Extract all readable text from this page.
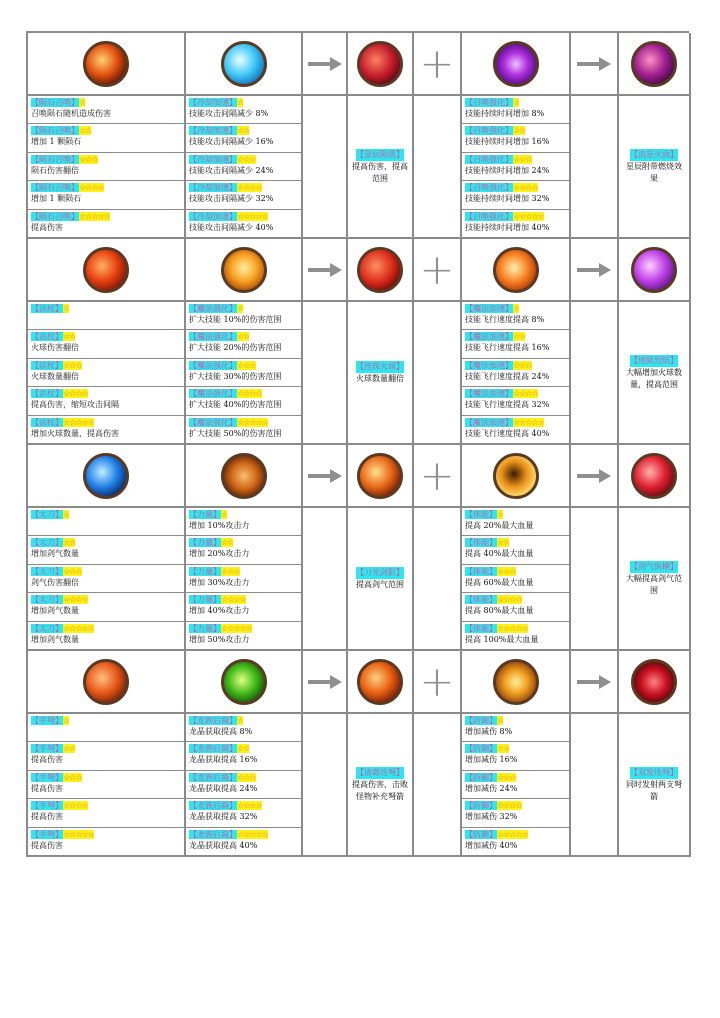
+
【陨石召唤】☆
召唤陨石随机造成伤害
【陨石召唤】☆☆
增加 1 颗陨石
【陨石召唤】☆☆☆
陨石伤害翻倍
【陨石召唤】☆☆☆☆
增加 1 颗陨石
【陨石召唤】☆☆☆☆☆
提高伤害
【冷却加速】☆
技能攻击间隔减少 8%
【冷却加速】☆☆
技能攻击间隔减少 16%
【冷却加速】☆☆☆
技能攻击间隔减少 24%
【冷却加速】☆☆☆☆
技能攻击间隔减少 32%
【冷却加速】☆☆☆☆☆
技能攻击间隔减少 40%
【星辰陨落】
提高伤害，提高范围
【召唤强化】☆
技能持续时间增加 8%
【召唤强化】☆☆
技能持续时间增加 16%
【召唤强化】☆☆☆
技能持续时间增加 24%
【召唤强化】☆☆☆☆
技能持续时间增加 32%
【召唤强化】☆☆☆☆☆
技能持续时间增加 40%
【流星火雨】
星辰附带燃烧效果
+
【法杖】☆
【法杖】☆☆
火球伤害翻倍
【法杖】☆☆☆
火球数量翻倍
【法杖】☆☆☆☆
提高伤害，缩短攻击间隔
【法杖】☆☆☆☆☆
增加火球数量，提高伤害
【魔法强化】☆
扩大技能 10%的伤害范围
【魔法强化】☆☆
扩大技能 20%的伤害范围
【魔法强化】☆☆☆
扩大技能 30%的伤害范围
【魔法强化】☆☆☆☆
扩大技能 40%的伤害范围
【魔法强化】☆☆☆☆☆
扩大技能 50%的伤害范围
【连珠火球】
火球数量翻倍
【魔法加速】☆
技能飞行速度提高 8%
【魔法加速】☆☆
技能飞行速度提高 16%
【魔法加速】☆☆☆
技能飞行速度提高 24%
【魔法加速】☆☆☆☆
技能飞行速度提高 32%
【魔法加速】☆☆☆☆☆
技能飞行速度提高 40%
【地狱烈焰】
大幅增加火球数量，提高范围
+
【太刀】☆
【太刀】☆☆
增加剑气数量
【太刀】☆☆☆
剑气伤害翻倍
【太刀】☆☆☆☆
增加剑气数量
【太刀】☆☆☆☆☆
增加剑气数量
【力量】☆
增加 10%攻击力
【力量】☆☆
增加 20%攻击力
【力量】☆☆☆
增加 30%攻击力
【力量】☆☆☆☆
增加 40%攻击力
【力量】☆☆☆☆☆
增加 50%攻击力
【刀光剑影】
提高剑气范围
【体能】☆
提高 20%最大血量
【体能】☆☆
提高 40%最大血量
【体能】☆☆☆
提高 60%最大血量
【体能】☆☆☆☆
提高 80%最大血量
【体能】☆☆☆☆☆
提高 100%最大血量
【剑气纵横】
大幅提高剑气范围
+
【手弩】☆
【手弩】☆☆
提高伤害
【手弩】☆☆☆
提高伤害
【手弩】☆☆☆☆
提高伤害
【手弩】☆☆☆☆☆
提高伤害
【龙族后裔】☆
龙晶获取提高 8%
【龙族后裔】☆☆
龙晶获取提高 16%
【龙族后裔】☆☆☆
龙晶获取提高 24%
【龙族后裔】☆☆☆☆
龙晶获取提高 32%
【龙族后裔】☆☆☆☆☆
龙晶获取提高 40%
【诸葛连弩】
提高伤害，击败怪物补充弩箭
【防御】☆
增加减伤 8%
【防御】☆☆
增加减伤 16%
【防御】☆☆☆
增加减伤 24%
【防御】☆☆☆☆
增加减伤 32%
【防御】☆☆☆☆☆
增加减伤 40%
【双发连弩】
同时发射两支弩箭
